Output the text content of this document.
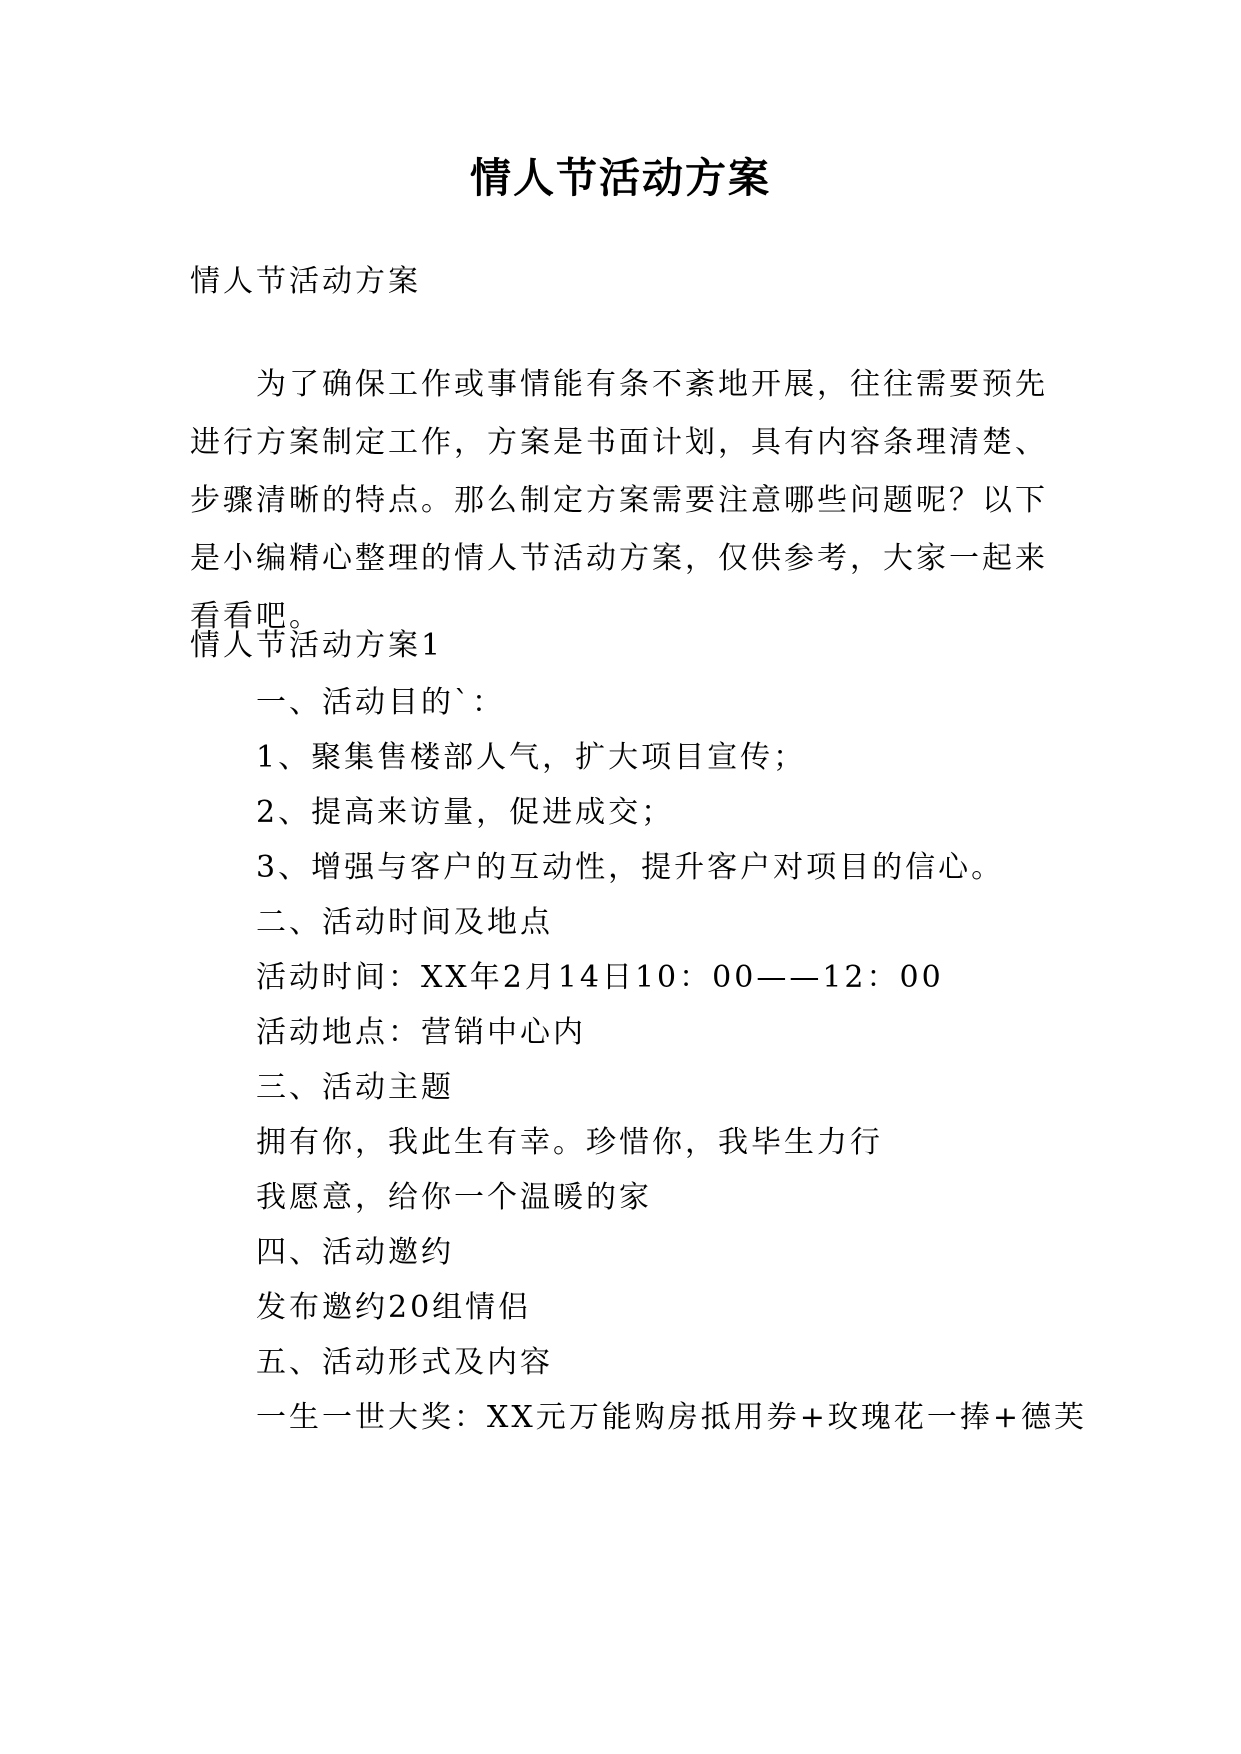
情人节活动方案
情人节活动方案
为了确保工作或事情能有条不紊地开展，往往需要预先进行方案制定工作，方案是书面计划，具有内容条理清楚、步骤清晰的特点。那么制定方案需要注意哪些问题呢？以下是小编精心整理的情人节活动方案，仅供参考，大家一起来看看吧。
情人节活动方案1
一、活动目的`：
1、聚集售楼部人气，扩大项目宣传；
2、提高来访量，促进成交；
3、增强与客户的互动性，提升客户对项目的信心。
二、活动时间及地点
活动时间：XX年2月14日10：00——12：00
活动地点：营销中心内
三、活动主题
拥有你，我此生有幸。珍惜你，我毕生力行
我愿意，给你一个温暖的家
四、活动邀约
发布邀约20组情侣
五、活动形式及内容
一生一世大奖：XX元万能购房抵用券+玫瑰花一捧+德芙
